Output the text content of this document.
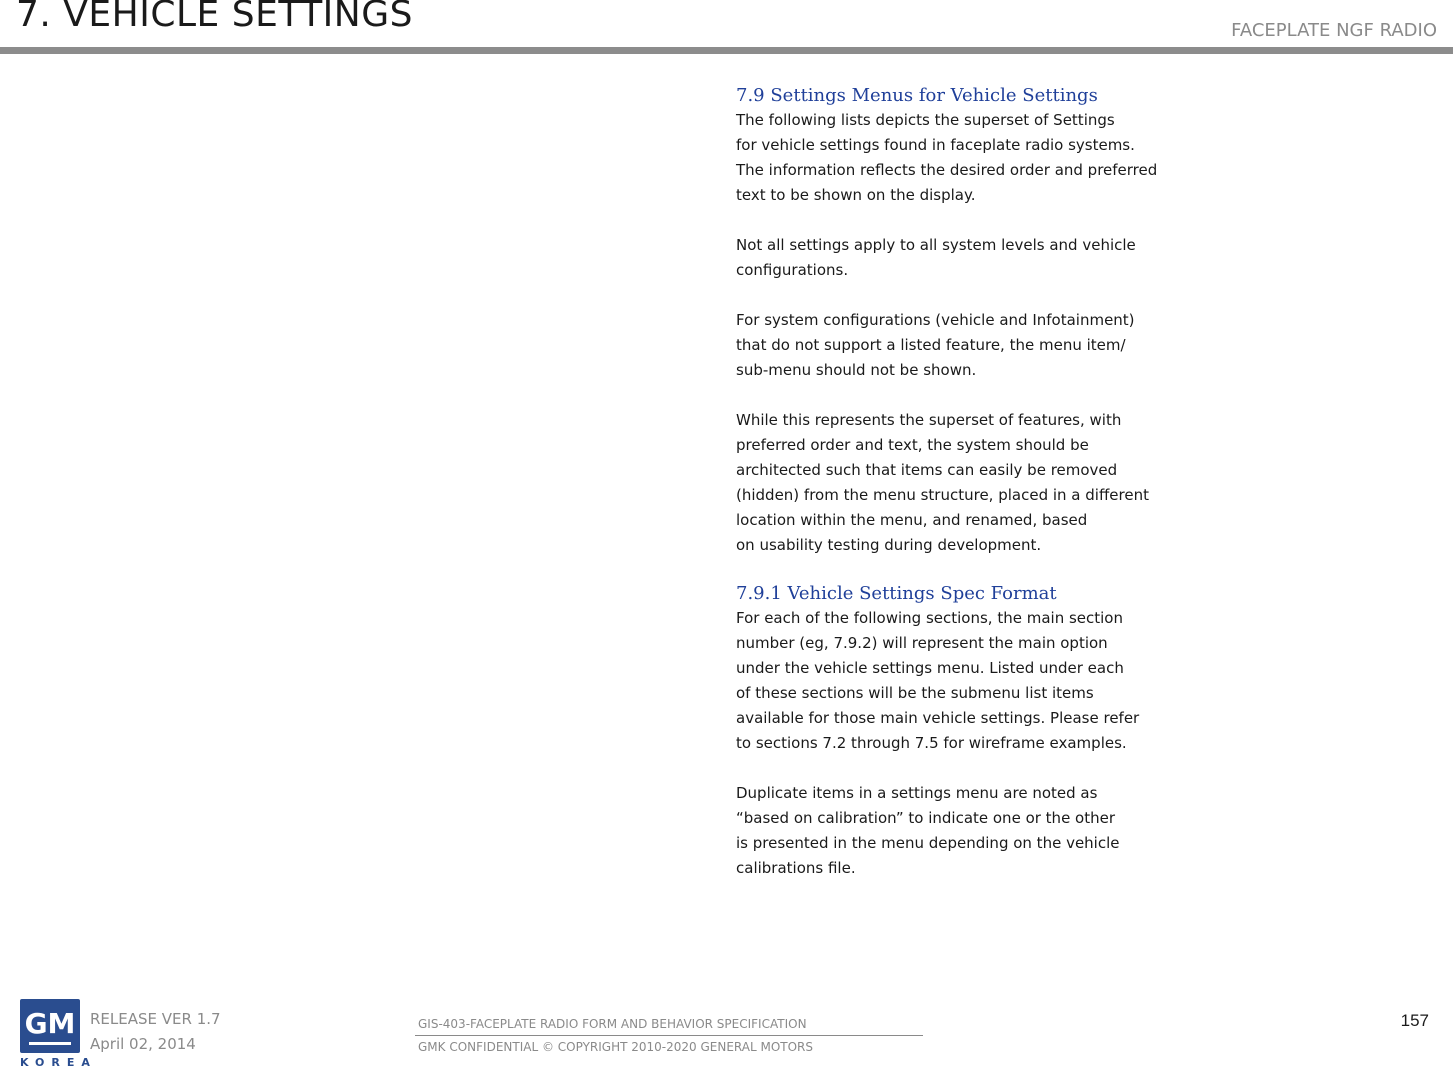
7. VEHICLE SETTINGS	FACEPLATE NGF RADIO
7.9 Settings Menus for Vehicle Settings
The following lists depicts the superset of Settings
for vehicle settings found in faceplate radio systems.
The information reflects the desired order and preferred
text to be shown on the display.
Not all settings apply to all system levels and vehicle
configurations.
For system configurations (vehicle and Infotainment)
that do not support a listed feature, the menu item/
sub-menu should not be shown.
While this represents the superset of features, with
preferred order and text, the system should be
architected such that items can easily be removed
(hidden) from the menu structure, placed in a different
location within the menu, and renamed, based
on usability testing during development.
7.9.1 Vehicle Settings Spec Format
For each of the following sections, the main section
number (eg, 7.9.2) will represent the main option
under the vehicle settings menu. Listed under each
of these sections will be the submenu list items
available for those main vehicle settings. Please refer
to sections 7.2 through 7.5 for wireframe examples.
Duplicate items in a settings menu are noted as
“based on calibration” to indicate one or the other
is presented in the menu depending on the vehicle
calibrations file.
GM
KOREA
RELEASE VER 1.7
April 02, 2014
GIS-403-FACEPLATE RADIO FORM AND BEHAVIOR SPECIFICATION
GMK CONFIDENTIAL © COPYRIGHT 2010-2020 GENERAL MOTORS
157
